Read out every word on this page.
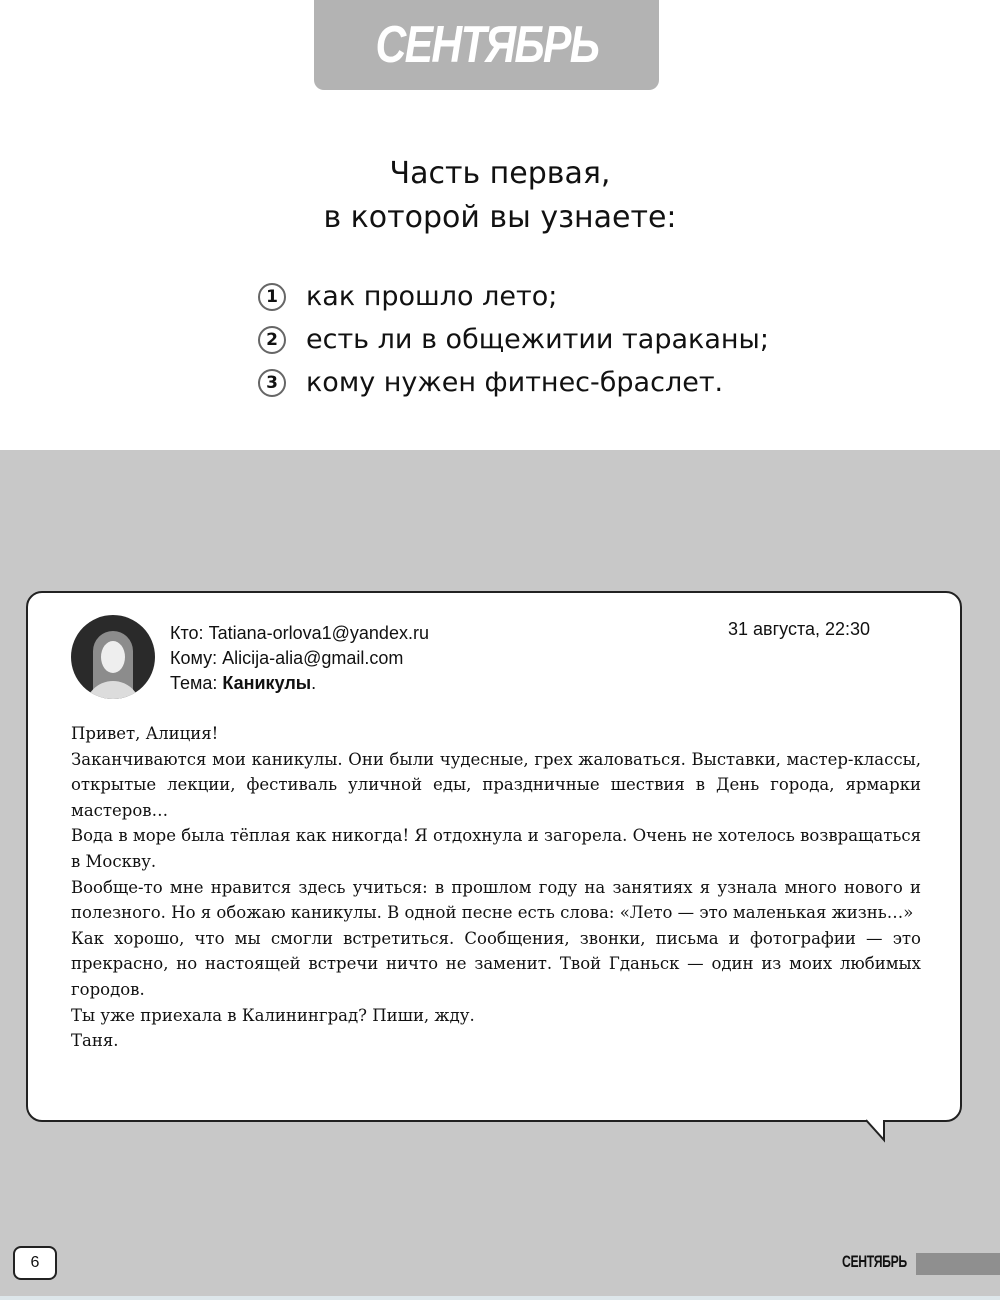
СЕНТЯБРЬ
Часть первая,
в которой вы узнаете:
1 как прошло лето;
2 есть ли в общежитии тараканы;
3 кому нужен фитнес-браслет.
Кто: Tatiana-orlova1@yandex.ru
Кому: Alicija-alia@gmail.com
Тема: Каникулы.
31 августа, 22:30

Привет, Алиция!

Заканчиваются мои каникулы. Они были чудесные, грех жаловаться. Выставки, мастер-классы, открытые лекции, фестиваль уличной еды, праздничные шествия в День города, ярмарки мастеров…

Вода в море была тёплая как никогда! Я отдохнула и загорела. Очень не хотелось возвращаться в Москву.

Вообще-то мне нравится здесь учиться: в прошлом году на занятиях я узнала много нового и полезного. Но я обожаю каникулы. В одной песне есть слова: «Лето — это маленькая жизнь…»

Как хорошо, что мы смогли встретиться. Сообщения, звонки, письма и фотографии — это прекрасно, но настоящей встречи ничто не заменит. Твой Гданьск — один из моих любимых городов.

Ты уже приехала в Калининград? Пиши, жду.

Таня.

6	СЕНТЯБРЬ
